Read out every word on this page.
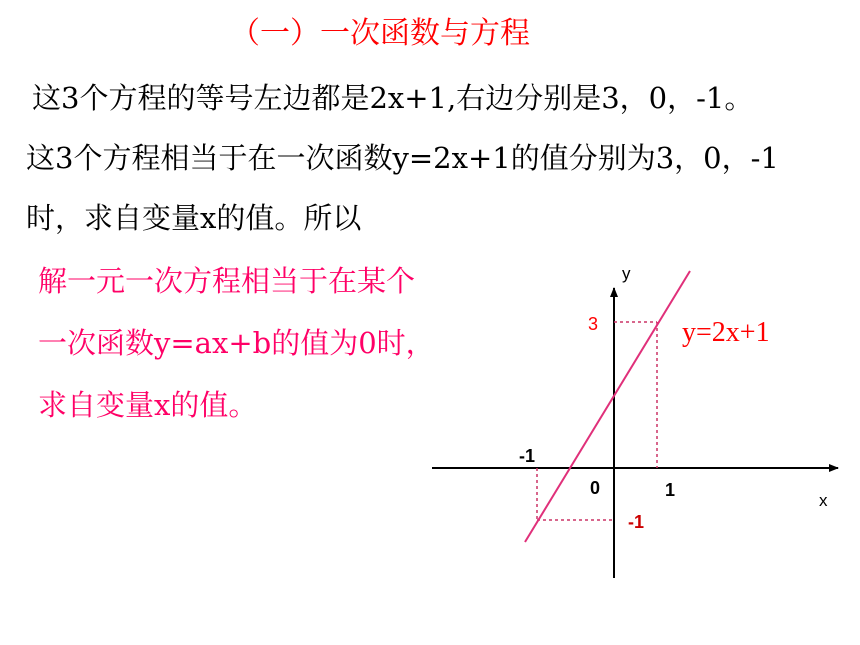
（一）一次函数与方程
这3个方程的等号左边都是2x+1,右边分别是3，0，-1。
这3个方程相当于在一次函数y=2x+1的值分别为3，0，-1
时，求自变量x的值。所以
解一元一次方程相当于在某个
一次函数y=ax+b的值为0时，
求自变量x的值。
y
x
0	1
-1
3
-1
y=2x+1
